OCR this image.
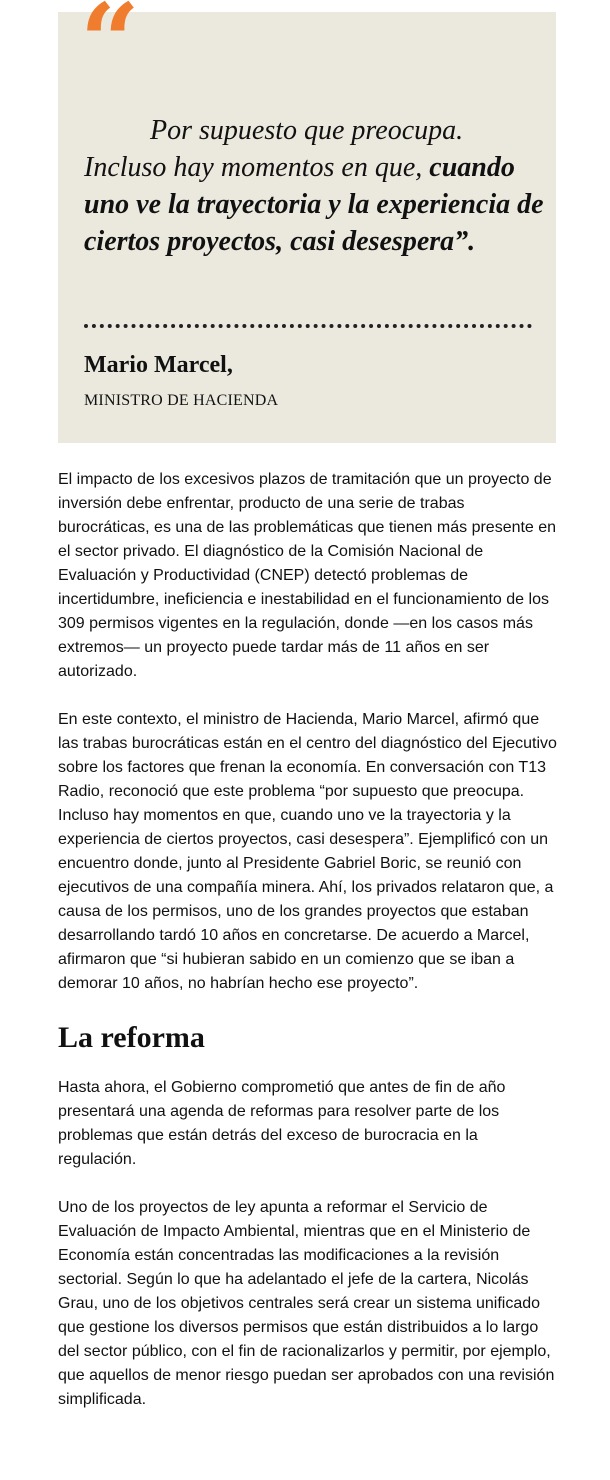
“

Por supuesto que preocupa. Incluso hay momentos en que, cuando uno ve la trayectoria y la experiencia de ciertos proyectos, casi desespera”.

Mario Marcel,
MINISTRO DE HACIENDA

El impacto de los excesivos plazos de tramitación que un proyecto de inversión debe enfrentar, producto de una serie de trabas burocráticas, es una de las problemáticas que tienen más presente en el sector privado. El diagnóstico de la Comisión Nacional de Evaluación y Productividad (CNEP) detectó problemas de incertidumbre, ineficiencia e inestabilidad en el funcionamiento de los 309 permisos vigentes en la regulación, donde —en los casos más extremos— un proyecto puede tardar más de 11 años en ser autorizado.

En este contexto, el ministro de Hacienda, Mario Marcel, afirmó que las trabas burocráticas están en el centro del diagnóstico del Ejecutivo sobre los factores que frenan la economía. En conversación con T13 Radio, reconoció que este problema “por supuesto que preocupa. Incluso hay momentos en que, cuando uno ve la trayectoria y la experiencia de ciertos proyectos, casi desespera”. Ejemplificó con un encuentro donde, junto al Presidente Gabriel Boric, se reunió con ejecutivos de una compañía minera. Ahí, los privados relataron que, a causa de los permisos, uno de los grandes proyectos que estaban desarrollando tardó 10 años en concretarse. De acuerdo a Marcel, afirmaron que “si hubieran sabido en un comienzo que se iban a demorar 10 años, no habrían hecho ese proyecto”.

La reforma

Hasta ahora, el Gobierno comprometió que antes de fin de año presentará una agenda de reformas para resolver parte de los problemas que están detrás del exceso de burocracia en la regulación.

Uno de los proyectos de ley apunta a reformar el Servicio de Evaluación de Impacto Ambiental, mientras que en el Ministerio de Economía están concentradas las modificaciones a la revisión sectorial. Según lo que ha adelantado el jefe de la cartera, Nicolás Grau, uno de los objetivos centrales será crear un sistema unificado que gestione los diversos permisos que están distribuidos a lo largo del sector público, con el fin de racionalizarlos y permitir, por ejemplo, que aquellos de menor riesgo puedan ser aprobados con una revisión simplificada.
